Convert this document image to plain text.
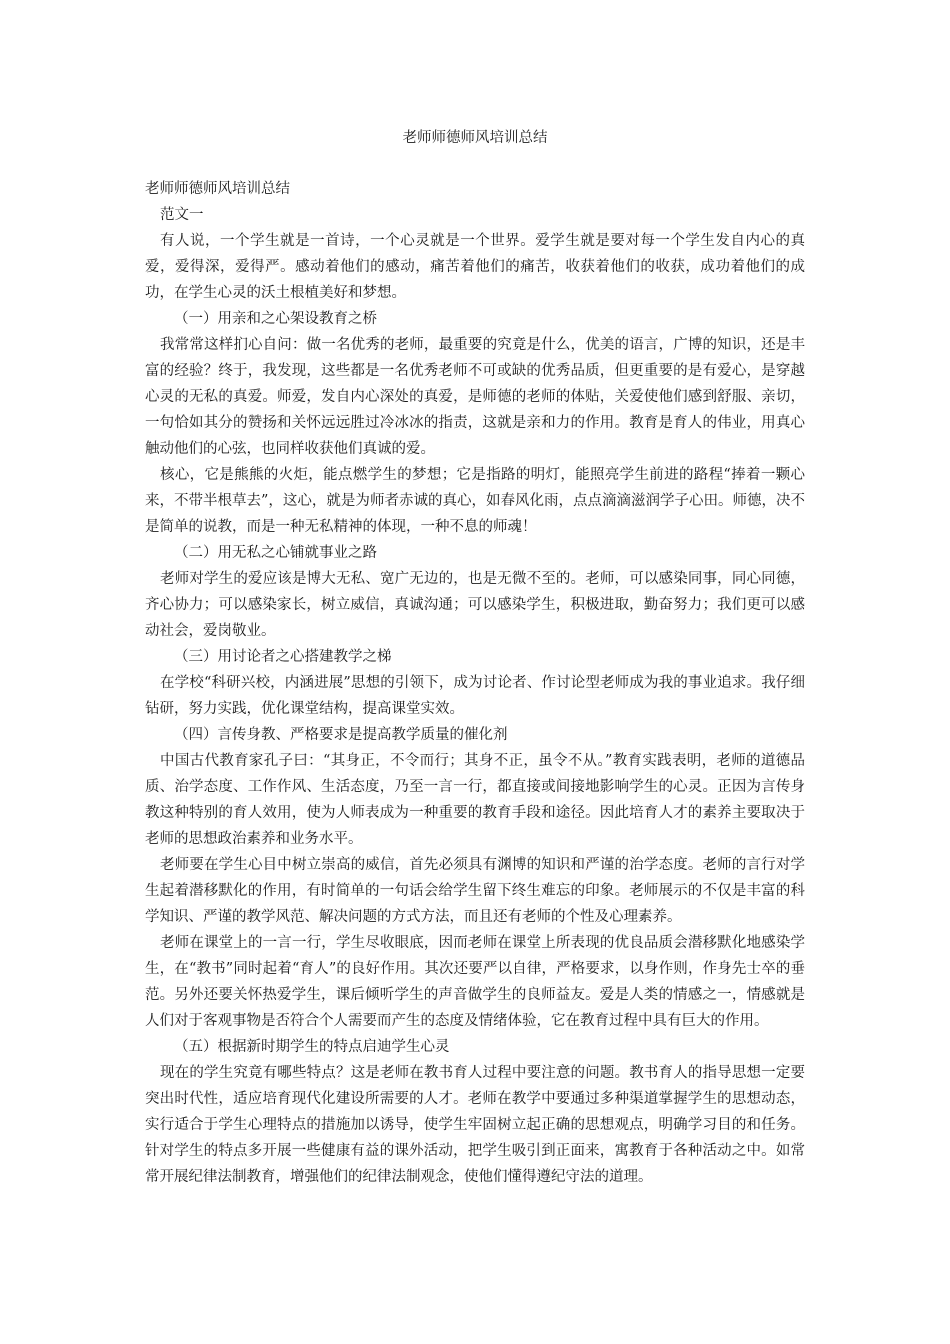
老师师德师风培训总结

老师师德师风培训总结

范文一

有人说，一个学生就是一首诗，一个心灵就是一个世界。爱学生就是要对每一个学生发自内心的真爱，爱得深，爱得严。感动着他们的感动，痛苦着他们的痛苦，收获着他们的收获，成功着他们的成功，在学生心灵的沃土根植美好和梦想。

（一）用亲和之心架设教育之桥

我常常这样扪心自问：做一名优秀的老师，最重要的究竟是什么，优美的语言，广博的知识，还是丰富的经验？终于，我发现，这些都是一名优秀老师不可或缺的优秀品质，但更重要的是有爱心，是穿越心灵的无私的真爱。师爱，发自内心深处的真爱，是师德的老师的体贴，关爱使他们感到舒服、亲切，一句恰如其分的赞扬和关怀远远胜过冷冰冰的指责，这就是亲和力的作用。教育是育人的伟业，用真心触动他们的心弦，也同样收获他们真诚的爱。

核心，它是熊熊的火炬，能点燃学生的梦想；它是指路的明灯，能照亮学生前进的路程“捧着一颗心来，不带半根草去”，这心，就是为师者赤诚的真心，如春风化雨，点点滴滴滋润学子心田。师德，决不是简单的说教，而是一种无私精神的体现，一种不息的师魂！

（二）用无私之心铺就事业之路

老师对学生的爱应该是博大无私、宽广无边的，也是无微不至的。老师，可以感染同事，同心同德，齐心协力；可以感染家长，树立威信，真诚沟通；可以感染学生，积极进取，勤奋努力；我们更可以感动社会，爱岗敬业。

（三）用讨论者之心搭建教学之梯

在学校“科研兴校，内涵进展”思想的引领下，成为讨论者、作讨论型老师成为我的事业追求。我仔细钻研，努力实践，优化课堂结构，提高课堂实效。

（四）言传身教、严格要求是提高教学质量的催化剂

中国古代教育家孔子曰：“其身正，不令而行；其身不正，虽令不从。”教育实践表明，老师的道德品质、治学态度、工作作风、生活态度，乃至一言一行，都直接或间接地影响学生的心灵。正因为言传身教这种特别的育人效用，使为人师表成为一种重要的教育手段和途径。因此培育人才的素养主要取决于老师的思想政治素养和业务水平。

老师要在学生心目中树立崇高的威信，首先必须具有渊博的知识和严谨的治学态度。老师的言行对学生起着潜移默化的作用，有时简单的一句话会给学生留下终生难忘的印象。老师展示的不仅是丰富的科学知识、严谨的教学风范、解决问题的方式方法，而且还有老师的个性及心理素养。

老师在课堂上的一言一行，学生尽收眼底，因而老师在课堂上所表现的优良品质会潜移默化地感染学生，在“教书”同时起着“育人”的良好作用。其次还要严以自律，严格要求，以身作则，作身先士卒的垂范。另外还要关怀热爱学生，课后倾听学生的声音做学生的良师益友。爱是人类的情感之一，情感就是人们对于客观事物是否符合个人需要而产生的态度及情绪体验，它在教育过程中具有巨大的作用。

（五）根据新时期学生的特点启迪学生心灵

现在的学生究竟有哪些特点？这是老师在教书育人过程中要注意的问题。教书育人的指导思想一定要突出时代性，适应培育现代化建设所需要的人才。老师在教学中要通过多种渠道掌握学生的思想动态，实行适合于学生心理特点的措施加以诱导，使学生牢固树立起正确的思想观点，明确学习目的和任务。针对学生的特点多开展一些健康有益的课外活动，把学生吸引到正面来，寓教育于各种活动之中。如常常开展纪律法制教育，增强他们的纪律法制观念，使他们懂得遵纪守法的道理。
